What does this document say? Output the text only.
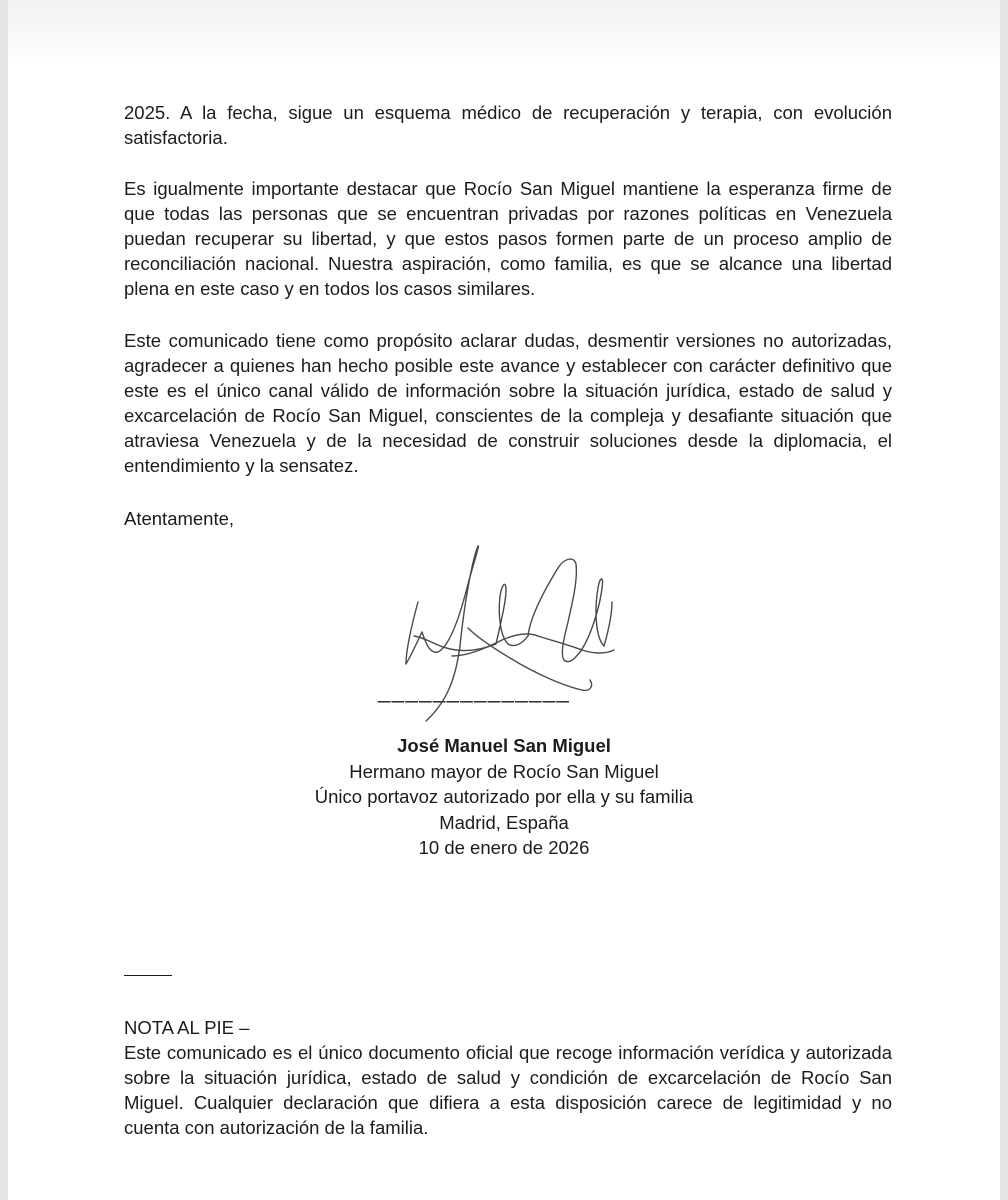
2025. A la fecha, sigue un esquema médico de recuperación y terapia, con evolución satisfactoria.

Es igualmente importante destacar que Rocío San Miguel mantiene la esperanza firme de que todas las personas que se encuentran privadas por razones políticas en Venezuela puedan recuperar su libertad, y que estos pasos formen parte de un proceso amplio de reconciliación nacional. Nuestra aspiración, como familia, es que se alcance una libertad plena en este caso y en todos los casos similares.

Este comunicado tiene como propósito aclarar dudas, desmentir versiones no autorizadas, agradecer a quienes han hecho posible este avance y establecer con carácter definitivo que este es el único canal válido de información sobre la situación jurídica, estado de salud y excarcelación de Rocío San Miguel, conscientes de la compleja y desafiante situación que atraviesa Venezuela y de la necesidad de construir soluciones desde la diplomacia, el entendimiento y la sensatez.

Atentamente,

______________
José Manuel San Miguel
Hermano mayor de Rocío San Miguel
Único portavoz autorizado por ella y su familia
Madrid, España
10 de enero de 2026

NOTA AL PIE –

Este comunicado es el único documento oficial que recoge información verídica y autorizada sobre la situación jurídica, estado de salud y condición de excarcelación de Rocío San Miguel. Cualquier declaración que difiera a esta disposición carece de legitimidad y no cuenta con autorización de la familia.
